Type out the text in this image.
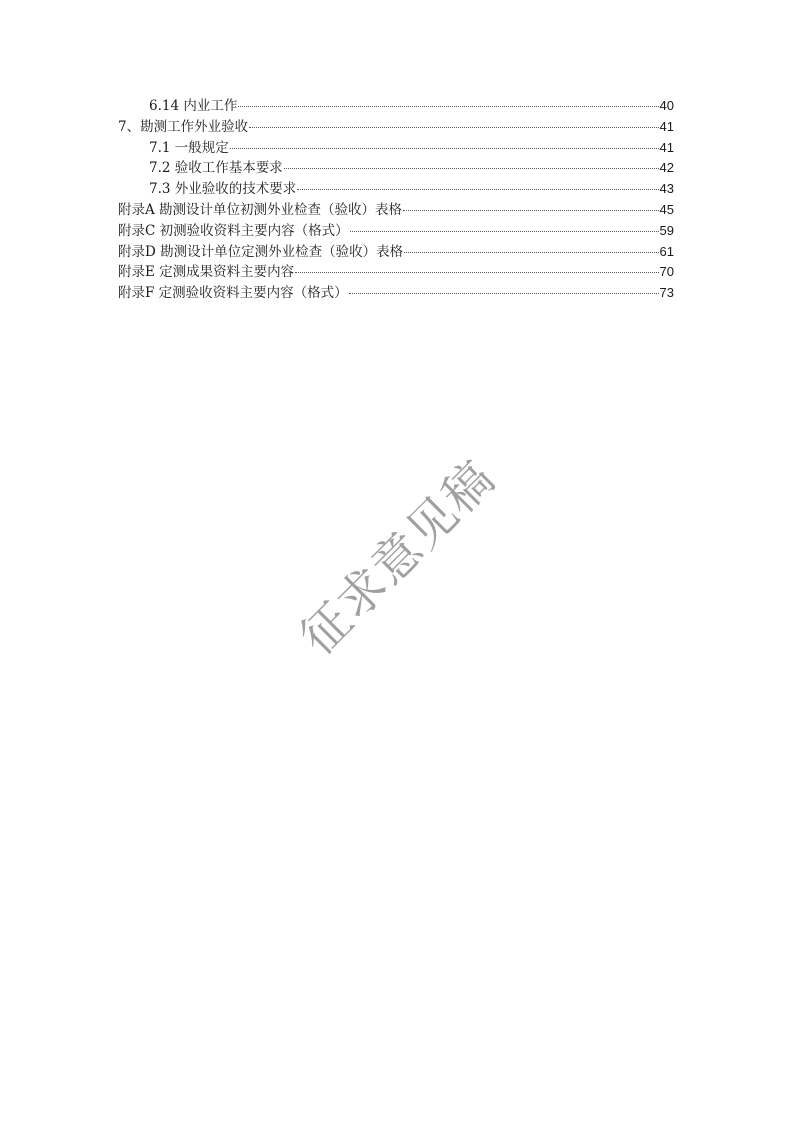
6.14 内业工作	40
7、勘测工作外业验收	41
7.1 一般规定	41
7.2 验收工作基本要求	42
7.3 外业验收的技术要求	43
附录A 勘测设计单位初测外业检查（验收）表格	45
附录C 初测验收资料主要内容（格式）	59
附录D 勘测设计单位定测外业检查（验收）表格	61
附录E 定测成果资料主要内容	70
附录F 定测验收资料主要内容（格式）	73
征求意见稿
